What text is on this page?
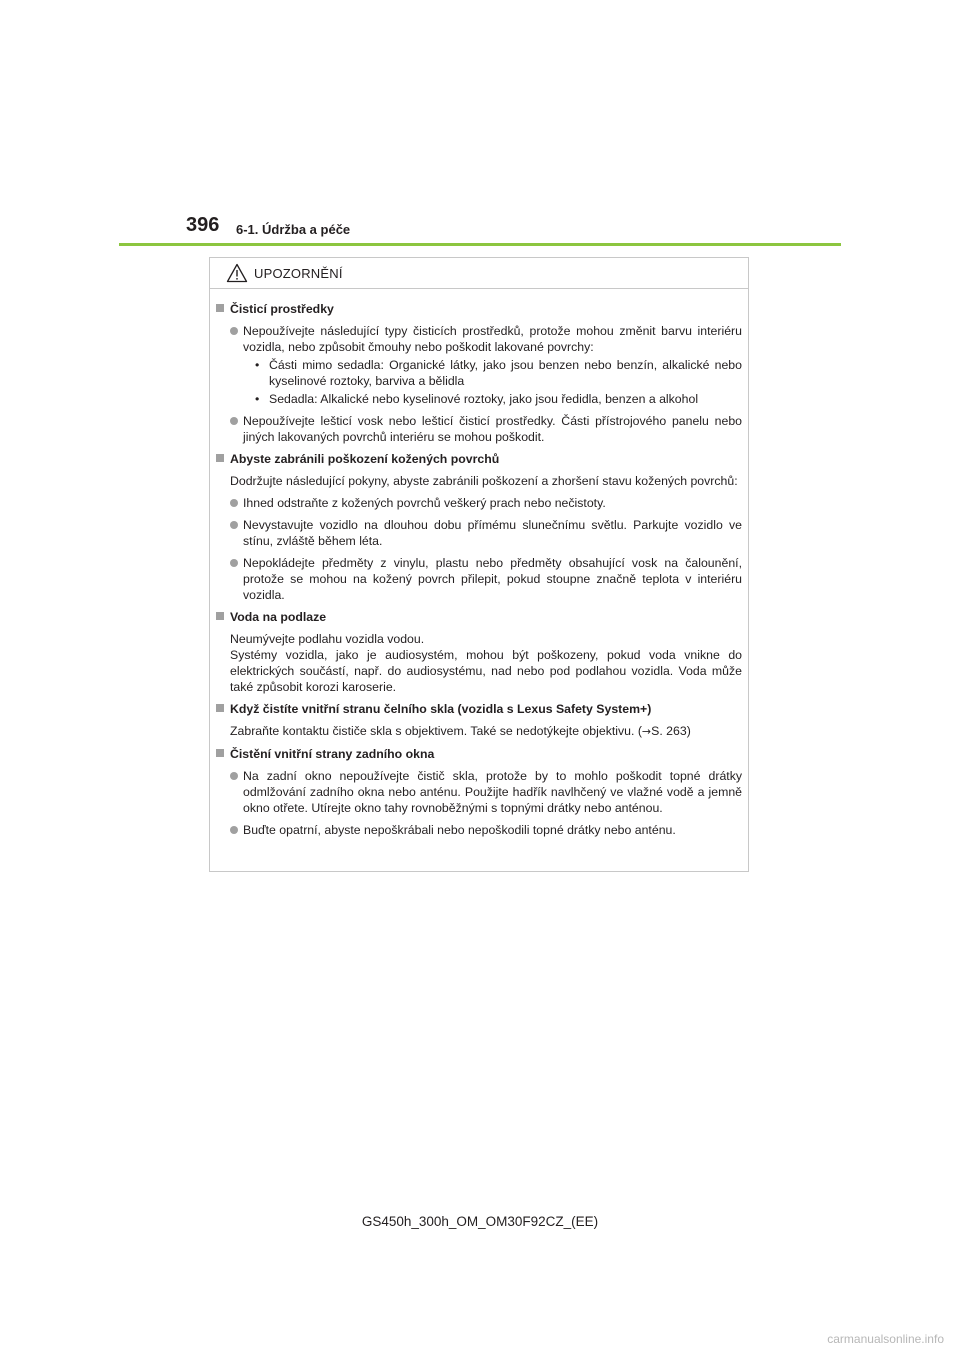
396 6-1. Údržba a péče
UPOZORNĚNÍ
Čisticí prostředky
Nepoužívejte následující typy čisticích prostředků, protože mohou změnit barvu interiéru vozidla, nebo způsobit čmouhy nebo poškodit lakované povrchy:
• Části mimo sedadla: Organické látky, jako jsou benzen nebo benzín, alkalické nebo kyselinové roztoky, barviva a bělidla
• Sedadla: Alkalické nebo kyselinové roztoky, jako jsou ředidla, benzen a alkohol
Nepoužívejte lešticí vosk nebo lešticí čisticí prostředky. Části přístrojového panelu nebo jiných lakovaných povrchů interiéru se mohou poškodit.
Abyste zabránili poškození kožených povrchů
Dodržujte následující pokyny, abyste zabránili poškození a zhoršení stavu kožených povrchů:
Ihned odstraňte z kožených povrchů veškerý prach nebo nečistoty.
Nevystavujte vozidlo na dlouhou dobu přímému slunečnímu světlu. Parkujte vozidlo ve stínu, zvláště během léta.
Nepokládejte předměty z vinylu, plastu nebo předměty obsahující vosk na čalounění, protože se mohou na kožený povrch přilepit, pokud stoupne značně teplota v interiéru vozidla.
Voda na podlaze
Neumývejte podlahu vozidla vodou.
Systémy vozidla, jako je audiosystém, mohou být poškozeny, pokud voda vnikne do elektrických součástí, např. do audiosystému, nad nebo pod podlahou vozidla. Voda může také způsobit korozi karoserie.
Když čistíte vnitřní stranu čelního skla (vozidla s Lexus Safety System+)
Zabraňte kontaktu čističe skla s objektivem. Také se nedotýkejte objektivu. (→S. 263)
Čistění vnitřní strany zadního okna
Na zadní okno nepoužívejte čistič skla, protože by to mohlo poškodit topné drátky odmlžování zadního okna nebo anténu. Použijte hadřík navlhčený ve vlažné vodě a jemně okno otřete. Utírejte okno tahy rovnoběžnými s topnými drátky nebo anténou.
Buďte opatrní, abyste nepoškrábali nebo nepoškodili topné drátky nebo anténu.
GS450h_300h_OM_OM30F92CZ_(EE)
carmanualsonline.info
